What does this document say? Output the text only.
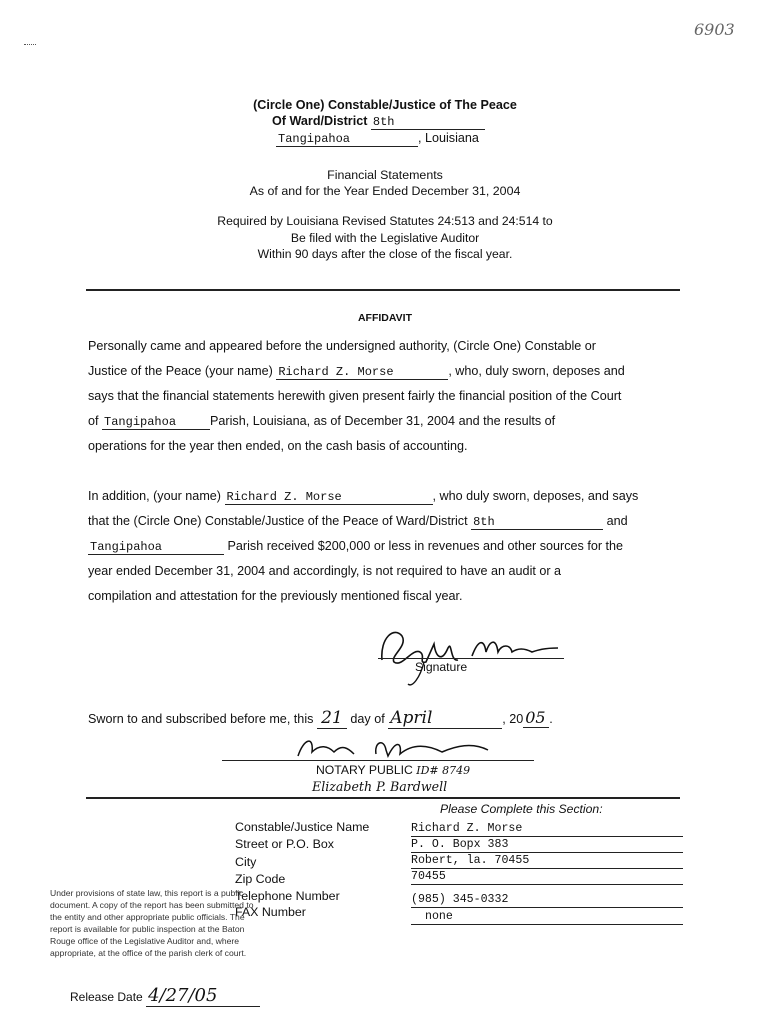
6903
(Circle One) Constable/Justice of The Peace
Of Ward/District 8th
Tangipahoa	, Louisiana
Financial Statements
As of and for the Year Ended December 31, 2004
Required by Louisiana Revised Statutes 24:513 and 24:514 to
Be filed with the Legislative Auditor
Within 90 days after the close of the fiscal year.
AFFIDAVIT
Personally came and appeared before the undersigned authority, (Circle One) Constable or
Justice of the Peace (your name) Richard Z. Morse	, who, duly sworn, deposes and
says that the financial statements herewith given present fairly the financial position of the Court
of Tangipahoa	Parish, Louisiana, as of December 31, 2004 and the results of
operations for the year then ended, on the cash basis of accounting.
In addition, (your name) Richard Z. Morse	, who duly sworn, deposes, and says
that the (Circle One) Constable/Justice of the Peace of Ward/District 8th	and
Tangipahoa	Parish received $200,000 or less in revenues and other sources for the
year ended December 31, 2004 and accordingly, is not required to have an audit or a
compilation and attestation for the previously mentioned fiscal year.
Signature
Sworn to and subscribed before me, this 21 day of April	, 20 05 .
NOTARY PUBLIC ID# 8749
Elizabeth P. Bardwell
Please Complete this Section:
Constable/Justice Name	Richard Z. Morse
Street or P.O. Box	P. O. Bopx 383
City	Robert, la. 70455
Zip Code	70455
Telephone Number	(985) 345-0332
FAX Number	none
Under provisions of state law, this report is a public
document. A copy of the report has been submitted to
the entity and other appropriate public officials. The
report is available for public inspection at the Baton
Rouge office of the Legislative Auditor and, where
appropriate, at the office of the parish clerk of court.
Release Date 4/27/05
